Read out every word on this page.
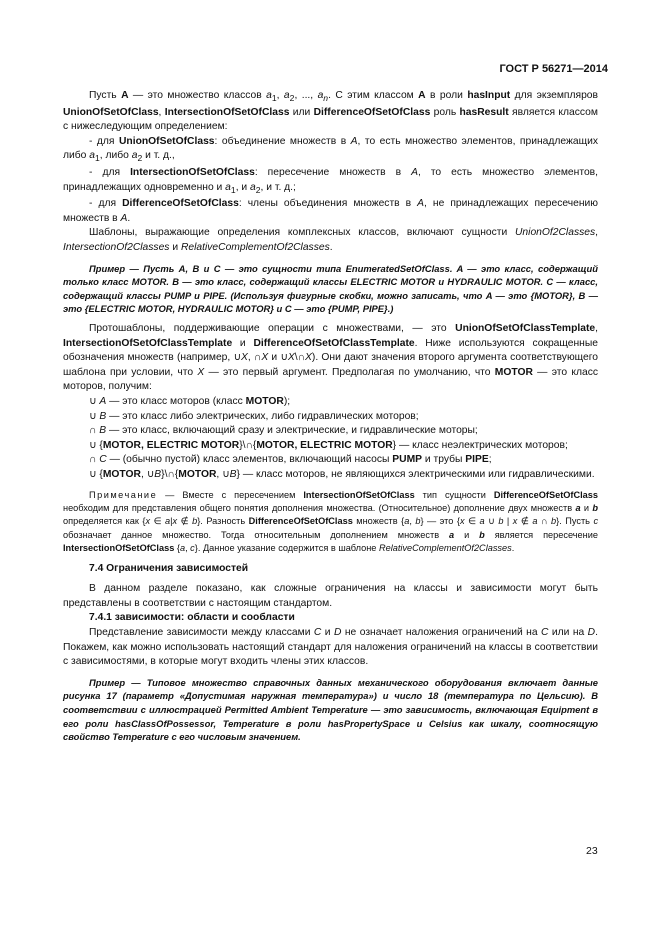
ГОСТ Р 56271—2014

Пусть A — это множество классов $a_1$, $a_2$, ..., $a_n$. С этим классом A в роли hasInput для экземпляров UnionOfSetOfClass, IntersectionOfSetOfClass или DifferenceOfSetOfClass роль hasResult является классом с нижеследующим определением:

- для UnionOfSetOfClass: объединение множеств в A, то есть множество элементов, принадлежащих либо $a_1$, либо $a_2$ и т. д.,

- для IntersectionOfSetOfClass: пересечение множеств в A, то есть множество элементов, принадлежащих одновременно и $a_1$, и $a_2$, и т. д.;

- для DifferenceOfSetOfClass: члены объединения множеств в A, не принадлежащих пересечению множеств в A.

Шаблоны, выражающие определения комплексных классов, включают сущности UnionOf2Classes, IntersectionOf2Classes и RelativeComplementOf2Classes.

Пример — Пусть A, B и C — это сущности типа EnumeratedSetOfClass. A — это класс, содержащий только класс MOTOR. B — это класс, содержащий классы ELECTRIC MOTOR и HYDRAULIC MOTOR. C — класс, содержащий классы PUMP и PIPE. (Используя фигурные скобки, можно записать, что A — это {MOTOR}, B — это {ELECTRIC MOTOR, HYDRAULIC MOTOR} и C — это {PUMP, PIPE}.)

Протошаблоны, поддерживающие операции с множествами, — это UnionOfSetOfClassTemplate, IntersectionOfSetOfClassTemplate и DifferenceOfSetOfClassTemplate. Ниже используются сокращенные обозначения множеств (например, ∪X, ∩X и ∪X\∩X). Они дают значения второго аргумента соответствующего шаблона при условии, что X — это первый аргумент. Предполагая по умолчанию, что MOTOR — это класс моторов, получим:

∪ A — это класс моторов (класс MOTOR);

∪ B — это класс либо электрических, либо гидравлических моторов;

∩ B — это класс, включающий сразу и электрические, и гидравлические моторы;

∪ {MOTOR, ELECTRIC MOTOR}\∩{MOTOR, ELECTRIC MOTOR} — класс неэлектрических моторов;

∩ C — (обычно пустой) класс элементов, включающий насосы PUMP и трубы PIPE;

∪ {MOTOR, ∪B}\∩{MOTOR, ∪B} — класс моторов, не являющихся электрическими или гидравлическими.

Примечание — Вместе с пересечением IntersectionOfSetOfClass тип сущности DifferenceOfSetOfClass необходим для представления общего понятия дополнения множества. (Относительное) дополнение двух множеств a и b определяется как {x ∈ a|x ∉ b}. Разность DifferenceOfSetOfClass множеств {a, b} — это {x ∈ a ∪ b | x ∉ a ∩ b}. Пусть c обозначает данное множество. Тогда относительным дополнением множеств a и b является пересечение IntersectionOfSetOfClass {a, c}. Данное указание содержится в шаблоне RelativeComplementOf2Classes.

7.4 Ограничения зависимостей

В данном разделе показано, как сложные ограничения на классы и зависимости могут быть представлены в соответствии с настоящим стандартом.

7.4.1 зависимости: области и сообласти

Представление зависимости между классами C и D не означает наложения ограничений на C или на D. Покажем, как можно использовать настоящий стандарт для наложения ограничений на классы в соответствии с зависимостями, в которые могут входить члены этих классов.

Пример — Типовое множество справочных данных механического оборудования включает данные рисунка 17 (параметр «Допустимая наружная температура») и число 18 (температура по Цельсию). В соответствии с иллюстрацией Permitted Ambient Temperature — это зависимость, включающая Equipment в его роли hasClassOfPossessor, Temperature в роли hasPropertySpace и Celsius как шкалу, соотносящую свойство Temperature с его числовым значением.

23
